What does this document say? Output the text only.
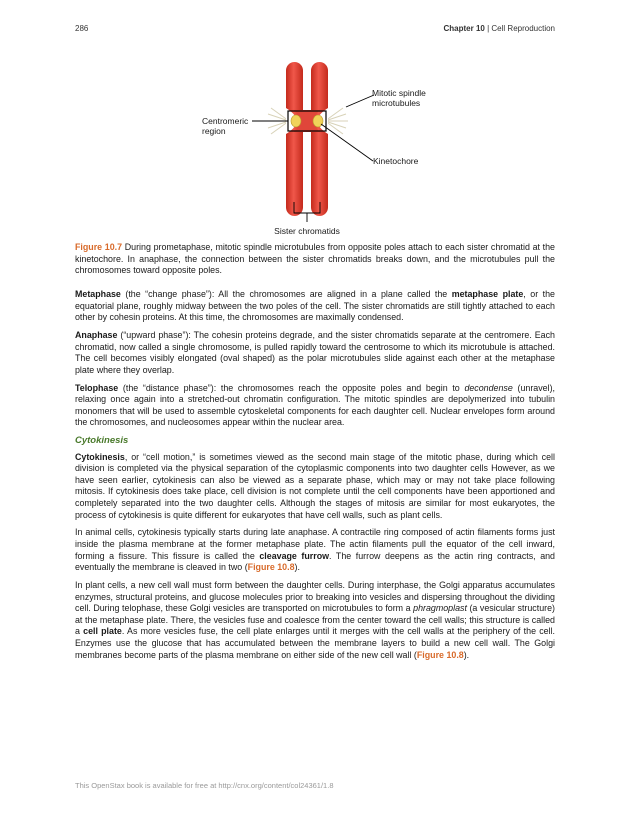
286	Chapter 10 | Cell Reproduction
Mitotic spindle
microtubules
Centromeric
region
Kinetochore
Sister chromatids
Figure 10.7 During prometaphase, mitotic spindle microtubules from opposite poles attach to each sister chromatid at the kinetochore. In anaphase, the connection between the sister chromatids breaks down, and the microtubules pull the chromosomes toward opposite poles.

Metaphase (the “change phase”): All the chromosomes are aligned in a plane called the metaphase plate, or the equatorial plane, roughly midway between the two poles of the cell. The sister chromatids are still tightly attached to each other by cohesin proteins. At this time, the chromosomes are maximally condensed.

Anaphase (“upward phase”): The cohesin proteins degrade, and the sister chromatids separate at the centromere. Each chromatid, now called a single chromosome, is pulled rapidly toward the centrosome to which its microtubule is attached. The cell becomes visibly elongated (oval shaped) as the polar microtubules slide against each other at the metaphase plate where they overlap.

Telophase (the “distance phase”): the chromosomes reach the opposite poles and begin to decondense (unravel), relaxing once again into a stretched-out chromatin configuration. The mitotic spindles are depolymerized into tubulin monomers that will be used to assemble cytoskeletal components for each daughter cell. Nuclear envelopes form around the chromosomes, and nucleosomes appear within the nuclear area.

Cytokinesis

Cytokinesis, or “cell motion,” is sometimes viewed as the second main stage of the mitotic phase, during which cell division is completed via the physical separation of the cytoplasmic components into two daughter cells However, as we have seen earlier, cytokinesis can also be viewed as a separate phase, which may or may not take place following mitosis. If cytokinesis does take place, cell division is not complete until the cell components have been apportioned and completely separated into the two daughter cells. Although the stages of mitosis are similar for most eukaryotes, the process of cytokinesis is quite different for eukaryotes that have cell walls, such as plant cells.

In animal cells, cytokinesis typically starts during late anaphase. A contractile ring composed of actin filaments forms just inside the plasma membrane at the former metaphase plate. The actin filaments pull the equator of the cell inward, forming a fissure. This fissure is called the cleavage furrow. The furrow deepens as the actin ring contracts, and eventually the membrane is cleaved in two (Figure 10.8).

In plant cells, a new cell wall must form between the daughter cells. During interphase, the Golgi apparatus accumulates enzymes, structural proteins, and glucose molecules prior to breaking into vesicles and dispersing throughout the dividing cell. During telophase, these Golgi vesicles are transported on microtubules to form a phragmoplast (a vesicular structure) at the metaphase plate. There, the vesicles fuse and coalesce from the center toward the cell walls; this structure is called a cell plate. As more vesicles fuse, the cell plate enlarges until it merges with the cell walls at the periphery of the cell. Enzymes use the glucose that has accumulated between the membrane layers to build a new cell wall. The Golgi membranes become parts of the plasma membrane on either side of the new cell wall (Figure 10.8).

This OpenStax book is available for free at http://cnx.org/content/col24361/1.8
